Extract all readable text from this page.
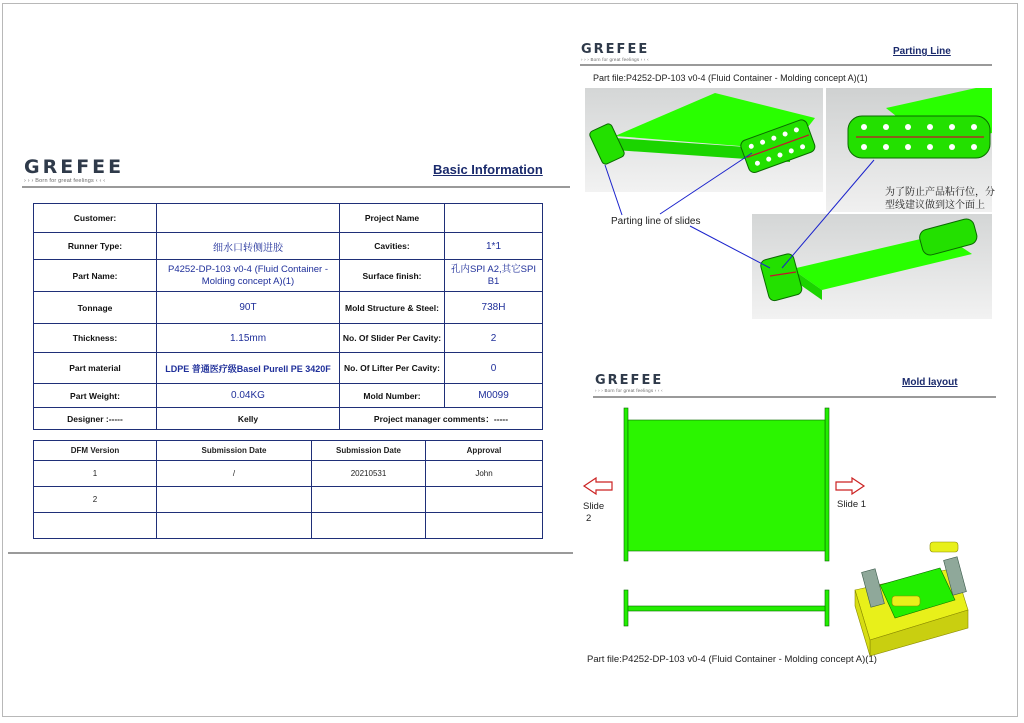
GREFEE
› › › Born for great feelings ‹ ‹ ‹
Basic Information
Customer:		Project Name	
Runner Type:	细水口转侧进胶	Cavities:	1*1
Part Name:	P4252-DP-103 v0-4 (Fluid Container - Molding concept A)(1)	Surface finish:	孔内SPI A2,其它SPI B1
Tonnage	90T	Mold Structure & Steel:	738H
Thickness:	1.15mm	No. Of Slider Per Cavity:	2
Part material	LDPE 普通医疗级Basel Purell PE 3420F	No. Of Lifter Per Cavity:	0
Part Weight:	0.04KG	Mold Number:	M0099
Designer :-----	Kelly	Project manager comments：-----	
DFM Version	Submission Date	Submission Date	Approval
1	/	20210531	John
2			

GREFEE
› › › Born for great feelings ‹ ‹ ‹
Parting Line
Part file:P4252-DP-103 v0-4 (Fluid Container - Molding concept A)(1)
为了防止产品粘行位，分
型线建议做到这个面上
Parting line of slides
GREFEE
› › › Born for great feelings ‹ ‹ ‹
Mold layout
Slide
2
Slide 1
Part file:P4252-DP-103 v0-4 (Fluid Container - Molding concept A)(1)
